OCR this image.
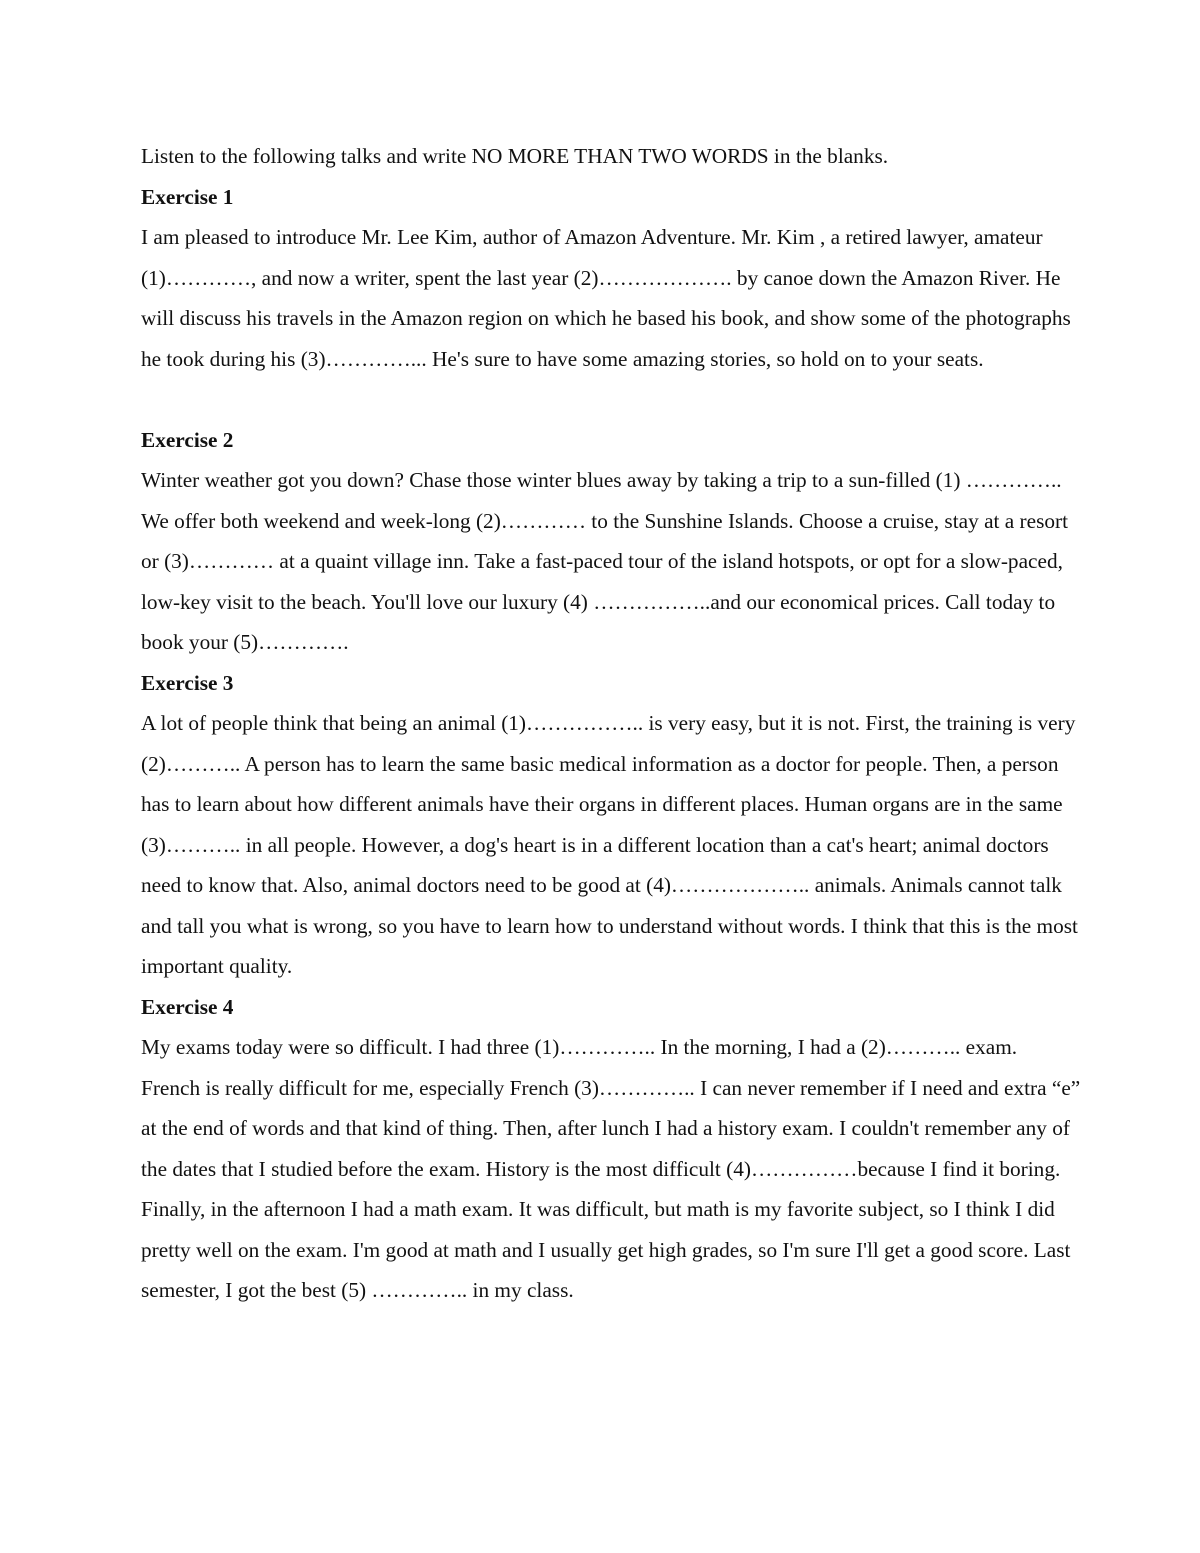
Listen to the following talks and write NO MORE THAN TWO WORDS in the blanks.

Exercise 1

I am pleased to introduce Mr. Lee Kim, author of Amazon Adventure. Mr. Kim , a retired lawyer, amateur (1)…………, and now a writer, spent the last year (2)………………. by canoe down the Amazon River. He will discuss his travels in the Amazon region on which he based his book, and show some of the photographs he took during his (3)…………... He's sure to have some amazing stories, so hold on to your seats.

Exercise 2

Winter weather got you down? Chase those winter blues away by taking a trip to a sun-filled (1) ………….. We offer both weekend and week-long (2)………… to the Sunshine Islands. Choose a cruise, stay at a resort or (3)………… at a quaint village inn. Take a fast-paced tour of the island hotspots, or opt for a slow-paced, low-key visit to the beach. You'll love our luxury (4) ……………..and our economical prices. Call today to book your (5)………….

Exercise 3

A lot of people think that being an animal (1)…………….. is very easy, but it is not. First, the training is very (2)……….. A person has to learn the same basic medical information as a doctor for people. Then, a person has to learn about how different animals have their organs in different places. Human organs are in the same (3)……….. in all people. However, a dog's heart is in a different location than a cat's heart; animal doctors need to know that. Also, animal doctors need to be good at (4)……………….. animals. Animals cannot talk and tall you what is wrong, so you have to learn how to understand without words. I think that this is the most important quality.

Exercise 4

My exams today were so difficult. I had three (1)………….. In the morning, I had a (2)……….. exam. French is really difficult for me, especially French (3)………….. I can never remember if I need and extra “e” at the end of words and that kind of thing. Then, after lunch I had a history exam. I couldn't remember any of the dates that I studied before the exam. History is the most difficult (4)……………because I find it boring. Finally, in the afternoon I had a math exam. It was difficult, but math is my favorite subject, so I think I did pretty well on the exam. I'm good at math and I usually get high grades, so I'm sure I'll get a good score. Last semester, I got the best (5) ………….. in my class.
